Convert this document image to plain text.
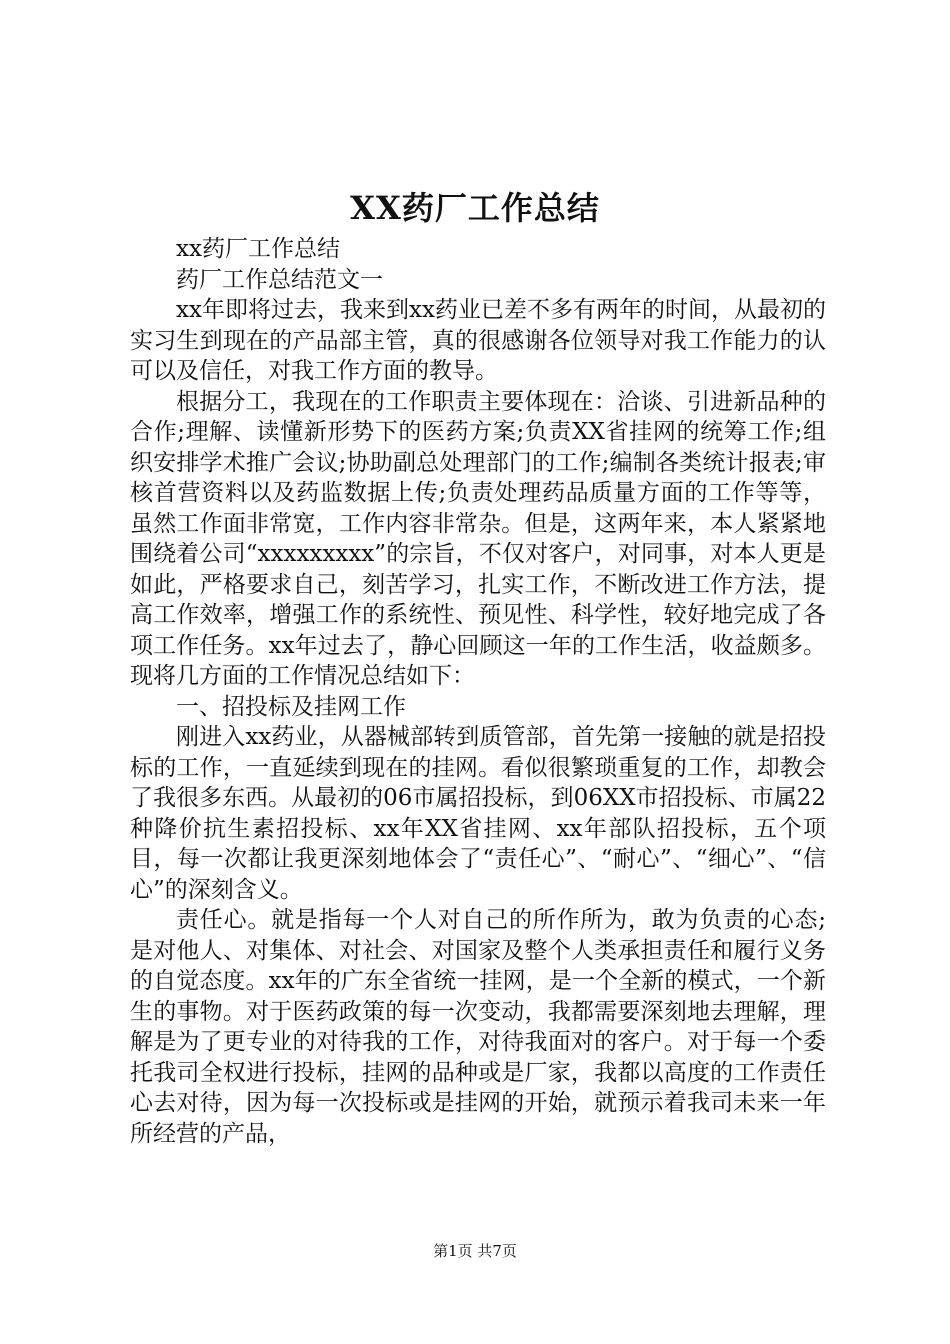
XX药厂工作总结

xx药厂工作总结

药厂工作总结范文一

xx年即将过去，我来到xx药业已差不多有两年的时间，从最初的实习生到现在的产品部主管，真的很感谢各位领导对我工作能力的认可以及信任，对我工作方面的教导。

根据分工，我现在的工作职责主要体现在：洽谈、引进新品种的合作;理解、读懂新形势下的医药方案;负责XX省挂网的统筹工作;组织安排学术推广会议;协助副总处理部门的工作;编制各类统计报表;审核首营资料以及药监数据上传;负责处理药品质量方面的工作等等，虽然工作面非常宽，工作内容非常杂。但是，这两年来，本人紧紧地围绕着公司“xxxxxxxxx”的宗旨，不仅对客户，对同事，对本人更是如此，严格要求自己，刻苦学习，扎实工作，不断改进工作方法，提高工作效率，增强工作的系统性、预见性、科学性，较好地完成了各项工作任务。xx年过去了，静心回顾这一年的工作生活，收益颇多。现将几方面的工作情况总结如下：

一、招投标及挂网工作

刚进入xx药业，从器械部转到质管部，首先第一接触的就是招投标的工作，一直延续到现在的挂网。看似很繁琐重复的工作，却教会了我很多东西。从最初的06市属招投标，到06XX市招投标、市属22种降价抗生素招投标、xx年XX省挂网、xx年部队招投标，五个项目，每一次都让我更深刻地体会了“责任心”、“耐心”、“细心”、“信心”的深刻含义。

责任心。就是指每一个人对自己的所作所为，敢为负责的心态;是对他人、对集体、对社会、对国家及整个人类承担责任和履行义务的自觉态度。xx年的广东全省统一挂网，是一个全新的模式，一个新生的事物。对于医药政策的每一次变动，我都需要深刻地去理解，理解是为了更专业的对待我的工作，对待我面对的客户。对于每一个委托我司全权进行投标，挂网的品种或是厂家，我都以高度的工作责任心去对待，因为每一次投标或是挂网的开始，就预示着我司未来一年所经营的产品，

第1页 共7页
